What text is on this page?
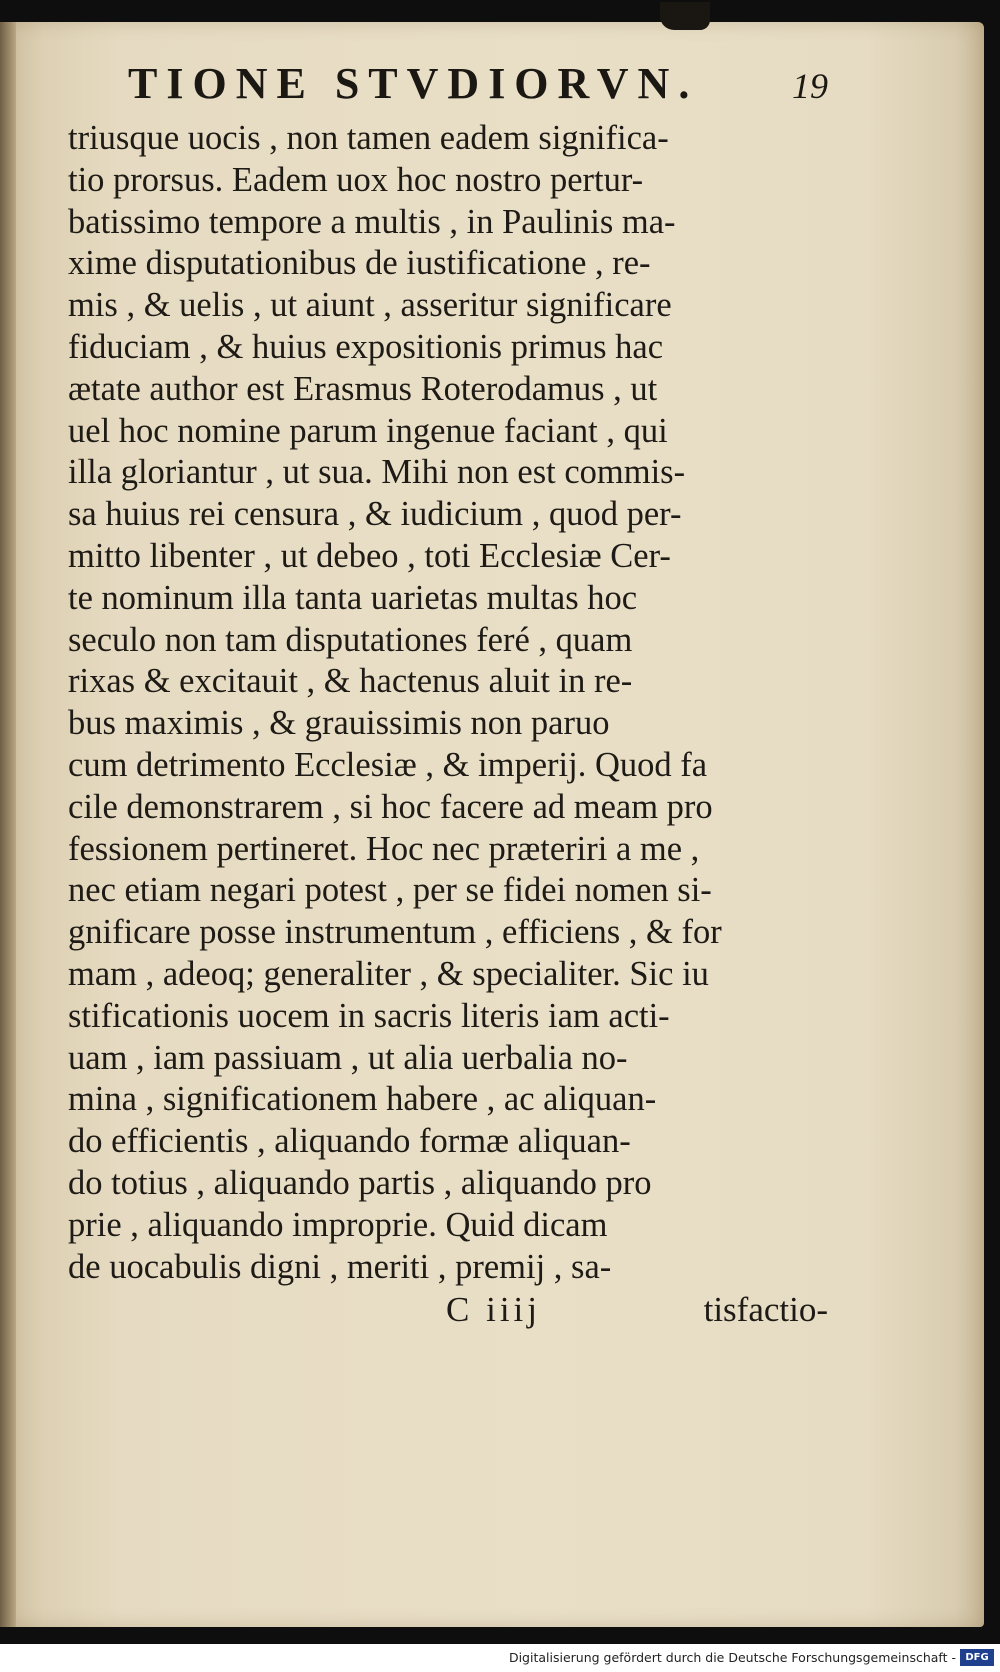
TIONE STVDIORVN.	19
triusque uocis , non tamen eadem significa-
tio prorsus. Eadem uox hoc nostro pertur-
batissimo tempore a multis , in Paulinis ma-
xime disputationibus de iustificatione , re-
mis , & uelis , ut aiunt , asseritur significare
fiduciam , & huius expositionis primus hac
ætate author est Erasmus Roterodamus , ut
uel hoc nomine parum ingenue faciant , qui
illa gloriantur , ut sua. Mihi non est commis-
sa huius rei censura , & iudicium , quod per-
mitto libenter , ut debeo , toti Ecclesiæ Cer-
te nominum illa tanta uarietas multas hoc
seculo non tam disputationes feré , quam
rixas & excitauit , & hactenus aluit in re-
bus maximis , & grauissimis non paruo
cum detrimento Ecclesiæ , & imperij. Quod fa
cile demonstrarem , si hoc facere ad meam pro
fessionem pertineret. Hoc nec præteriri a me ,
nec etiam negari potest , per se fidei nomen si-
gnificare posse instrumentum , efficiens , & for
mam , adeoq; generaliter , & specialiter. Sic iu
stificationis uocem in sacris literis iam acti-
uam , iam passiuam , ut alia uerbalia no-
mina , significationem habere , ac aliquan-
do efficientis , aliquando formæ aliquan-
do totius , aliquando partis , aliquando pro
prie , aliquando improprie. Quid dicam
de uocabulis digni , meriti , premij , sa-
C iiij	tisfactio-
Digitalisierung gefördert durch die Deutsche Forschungsgemeinschaft - DFG
